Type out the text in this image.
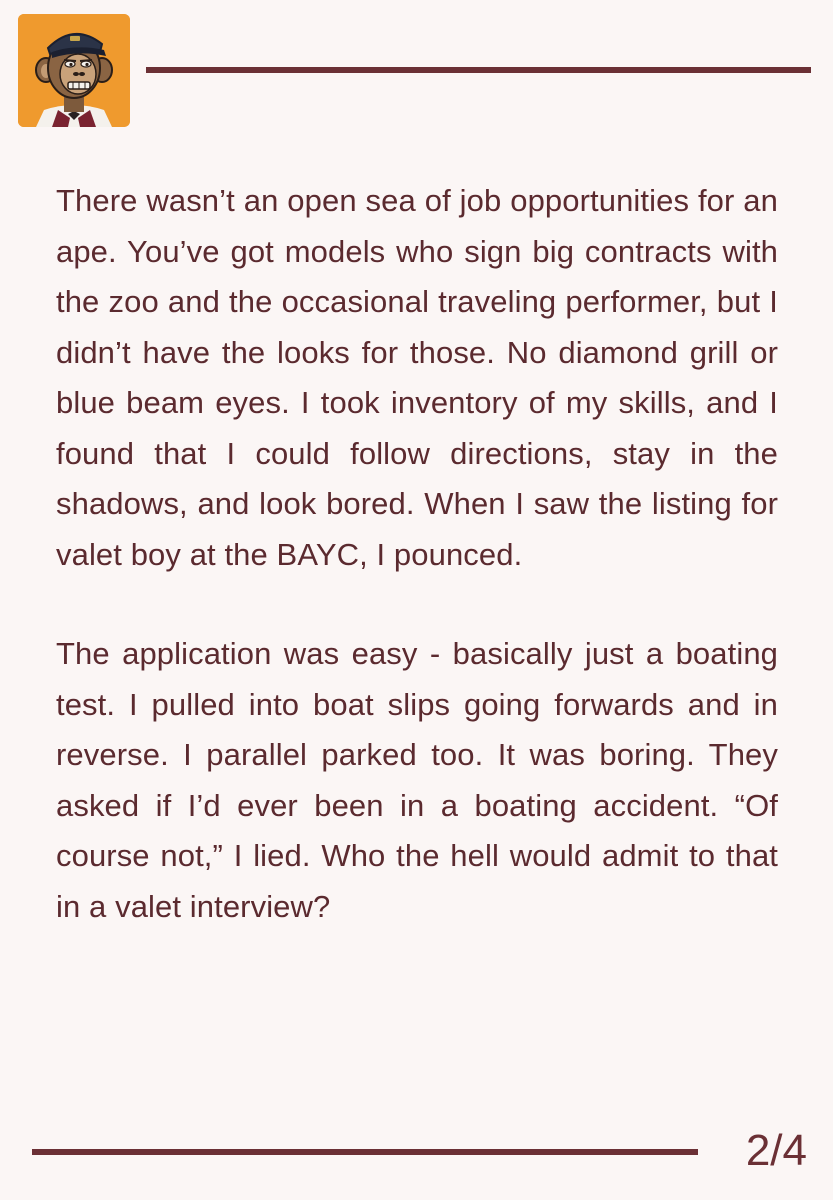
There wasn’t an open sea of job opportunities for an ape. You’ve got models who sign big contracts with the zoo and the occasional traveling performer, but I didn’t have the looks for those. No diamond grill or blue beam eyes. I took inventory of my skills, and I found that I could follow directions, stay in the shadows, and look bored. When I saw the listing for valet boy at the BAYC, I pounced.

The application was easy - basically just a boating test. I pulled into boat slips going forwards and in reverse. I parallel parked too. It was boring. They asked if I’d ever been in a boating accident. “Of course not,” I lied. Who the hell would admit to that in a valet interview?

2/4
